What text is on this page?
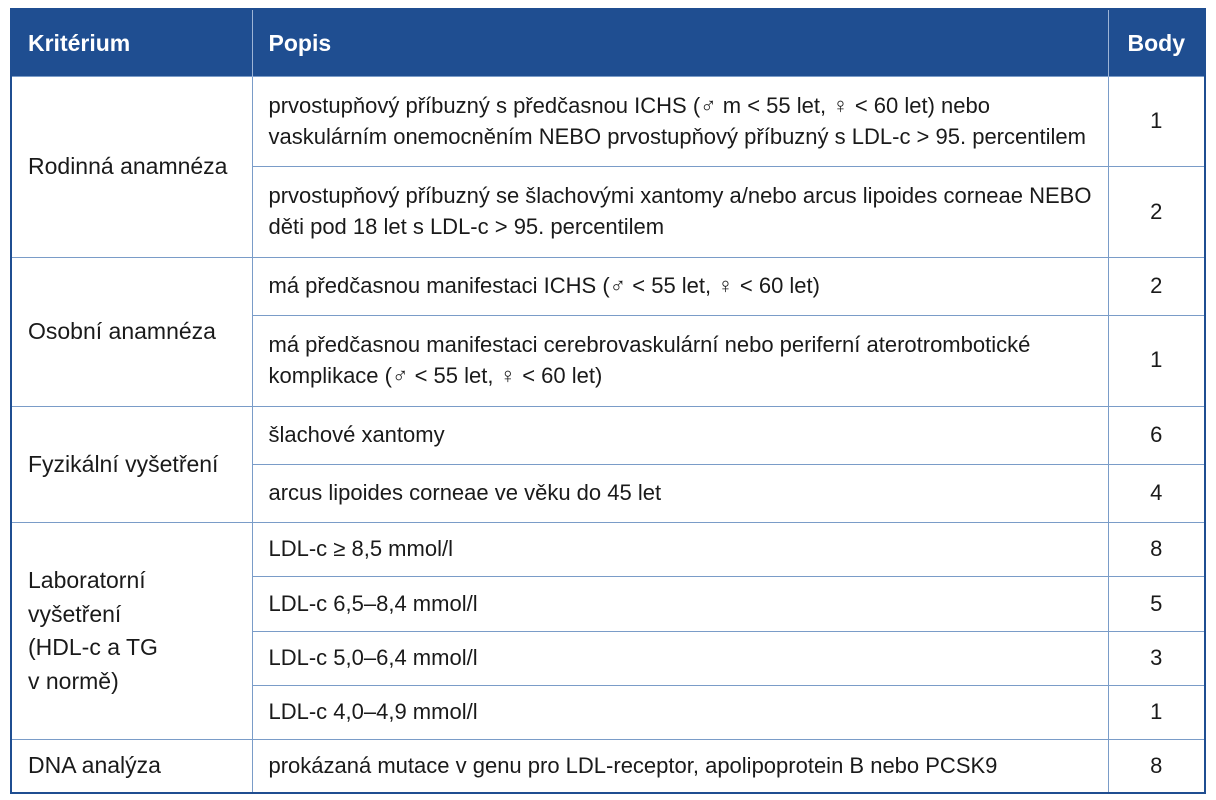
Kritérium	Popis	Body
Rodinná anamnéza	prvostupňový příbuzný s předčasnou ICHS (♂ m < 55 let, ♀ < 60 let) nebo vaskulárním onemocněním NEBO prvostupňový příbuzný s LDL-c > 95. percentilem	1
	prvostupňový příbuzný se šlachovými xantomy a/nebo arcus lipoides corneae NEBO děti pod 18 let s LDL-c > 95. percentilem	2
Osobní anamnéza	má předčasnou manifestaci ICHS (♂ < 55 let, ♀ < 60 let)	2
	má předčasnou manifestaci cerebrovaskulární nebo periferní aterotrombotické komplikace (♂ < 55 let, ♀ < 60 let)	1
Fyzikální vyšetření	šlachové xantomy	6
	arcus lipoides corneae ve věku do 45 let	4

Laboratorní
vyšetření
(HDL-c a TG
v normě)	LDL-c ≥ 8,5 mmol/l	8
	LDL-c 6,5–8,4 mmol/l	5
	LDL-c 5,0–6,4 mmol/l	3
	LDL-c 4,0–4,9 mmol/l	1
DNA analýza	prokázaná mutace v genu pro LDL-receptor, apolipoprotein B nebo PCSK9	8
